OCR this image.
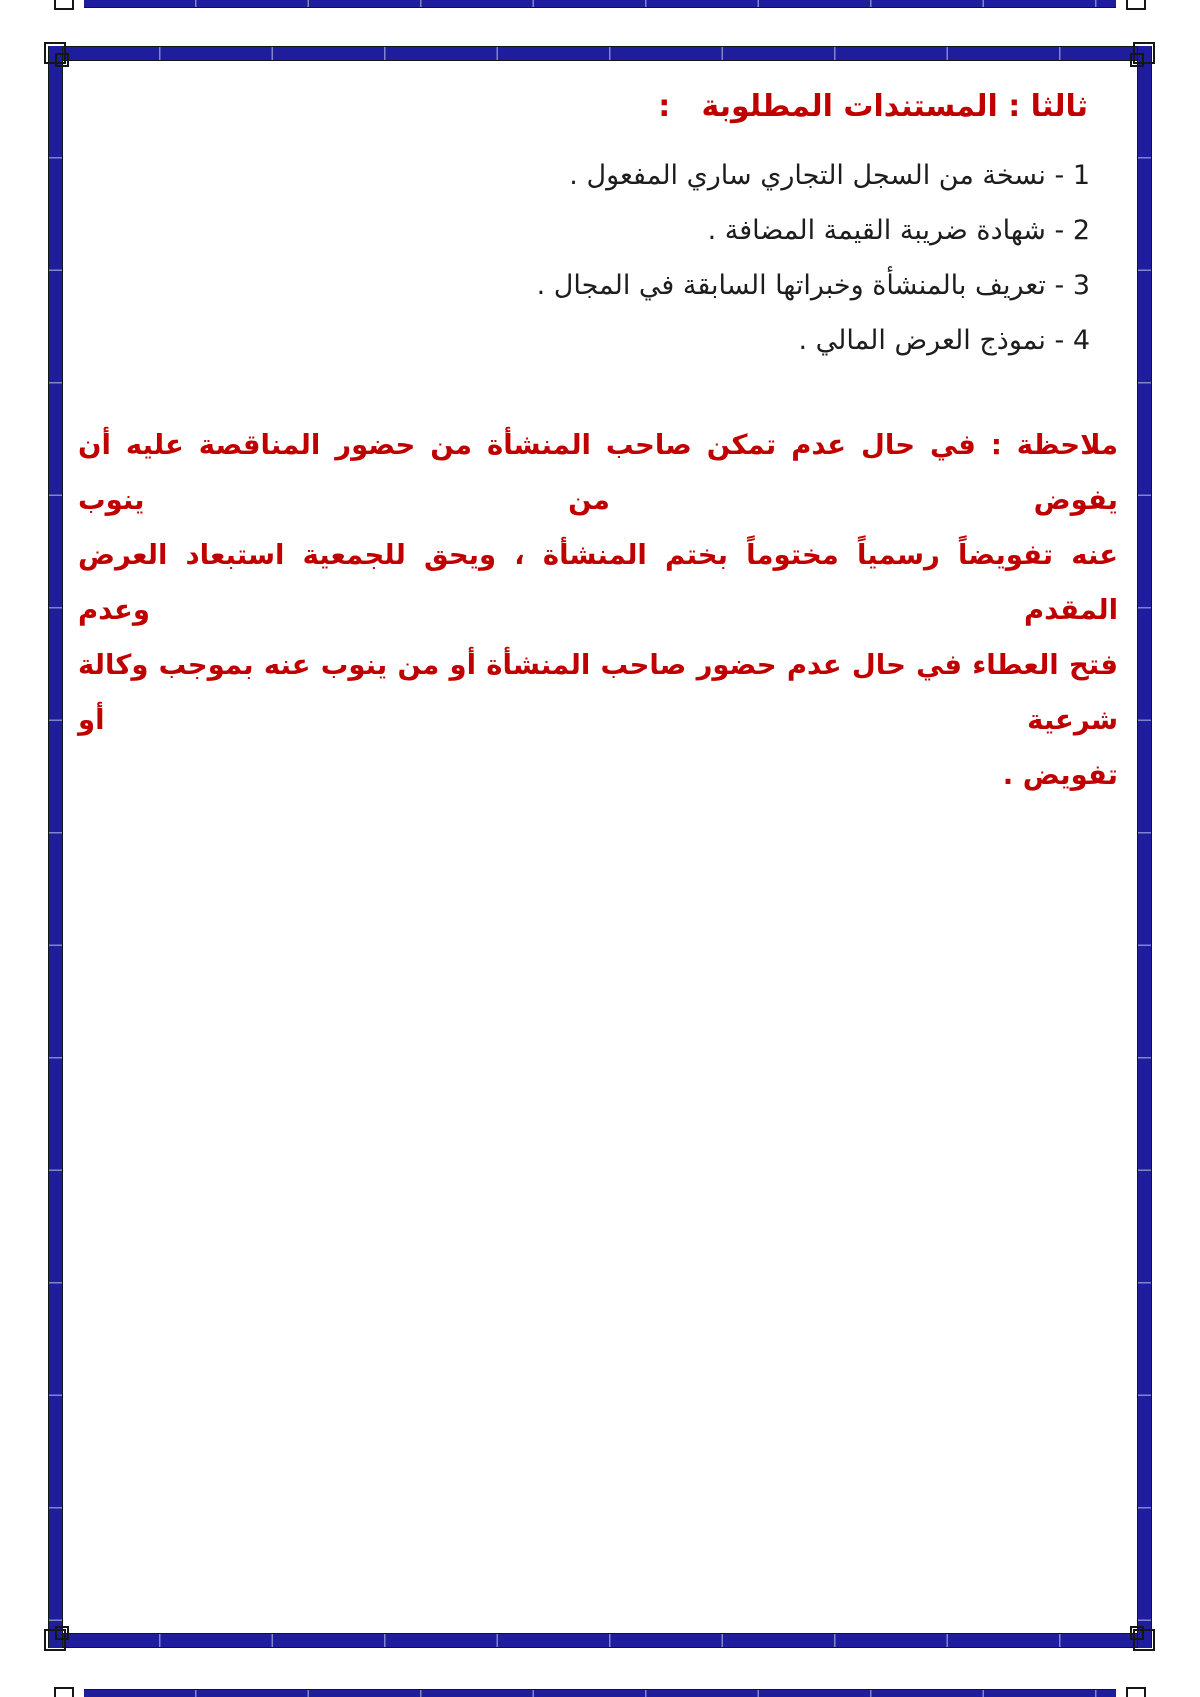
ثالثا : المستندات المطلوبة   :
1 - نسخة من السجل التجاري ساري المفعول .
2 - شهادة ضريبة القيمة المضافة .
3 - تعريف بالمنشأة وخبراتها السابقة في المجال .
4 - نموذج العرض المالي .
ملاحظة : في حال عدم تمكن صاحب المنشأة من حضور المناقصة عليه أن يفوض من ينوب
عنه تفويضاً رسمياً مختوماً بختم المنشأة ، ويحق للجمعية استبعاد العرض المقدم وعدم
فتح العطاء في حال عدم حضور صاحب المنشأة أو من ينوب عنه بموجب وكالة شرعية أو
تفويض .
